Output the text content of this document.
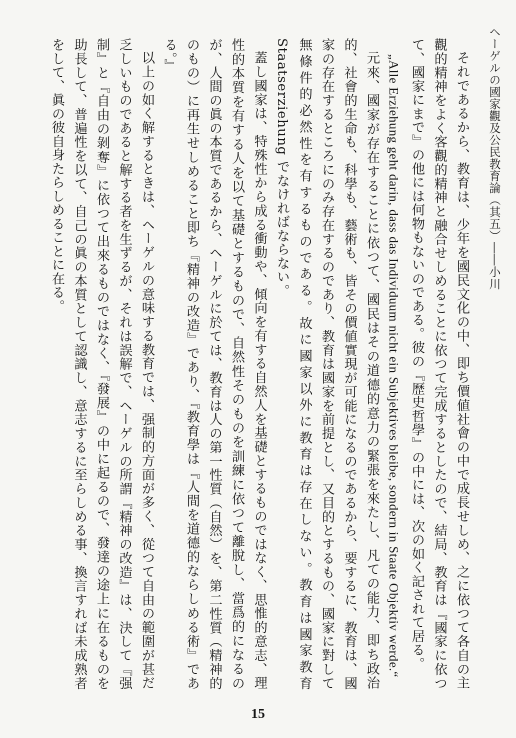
ヘーゲルの國家觀及公民教育論（其五）――小川

それであるから、教育は、少年を國民文化の中、即ち價値社會の中で成長せしめ、之に依つて各自の主觀的精神をよく客觀的精神と融合せしめることに依つて完成するとしたので、結局、教育は『國家に依つて、國家にまで』の他には何物もないのである。彼の『歷史哲學』の中には、次の如く記されて居る。

„Alle Erziehung geht darin, dass das Individuum nicht ein Subjektives bleibe, sondern in Staate Objektiv werde.“

元來、國家が存在することに依つて、國民はその道德的意力の緊張を來たし、凡ての能力、即ち政治的、社會的生命も、科學も、藝術も、皆その價値實現が可能になるのであるから、要するに、教育は、國家の存在するところにのみ存在するのであり、教育は國家を前提とし、又目的とするもの、國家に對して無條件的必然性を有するものである。故に國家以外に教育は存在しない。教育は國家教育 Staatserziehung でなければならない。

蓋し國家は、特殊性から成る衝動や、傾向を有する自然人を基礎とするものではなく、思惟的意志、理性的本質を有する人を以て基礎とするもので、自然性そのものを訓練に依つて離脫し、當爲的になるのが、人間の眞の本質であるから、ヘーゲルに於ては、教育は人の第一性質（自然）を、第二性質（精神的のもの）に再生せしめること即ち『精神の改造』であり、『教育學は『人間を道德的ならしめる術』である。』

以上の如く解するときは、ヘーゲルの意味する教育では、强制的方面が多く、從つて自由の範圍が甚だ乏しいものであると解する者を生ずるが、それは誤解で、ヘーゲルの所謂『精神の改造』は、決して『强制』と『自由の剝奪』に依つて出來るものではなく、『發展』の中に起るので、發達の途上に在るものを助長して、普遍性を以て、自己の眞の本質として認識し、意志するに至らしめる事、換言すれば未成熟者をして、眞の彼自身たらしめることに在る。

15
